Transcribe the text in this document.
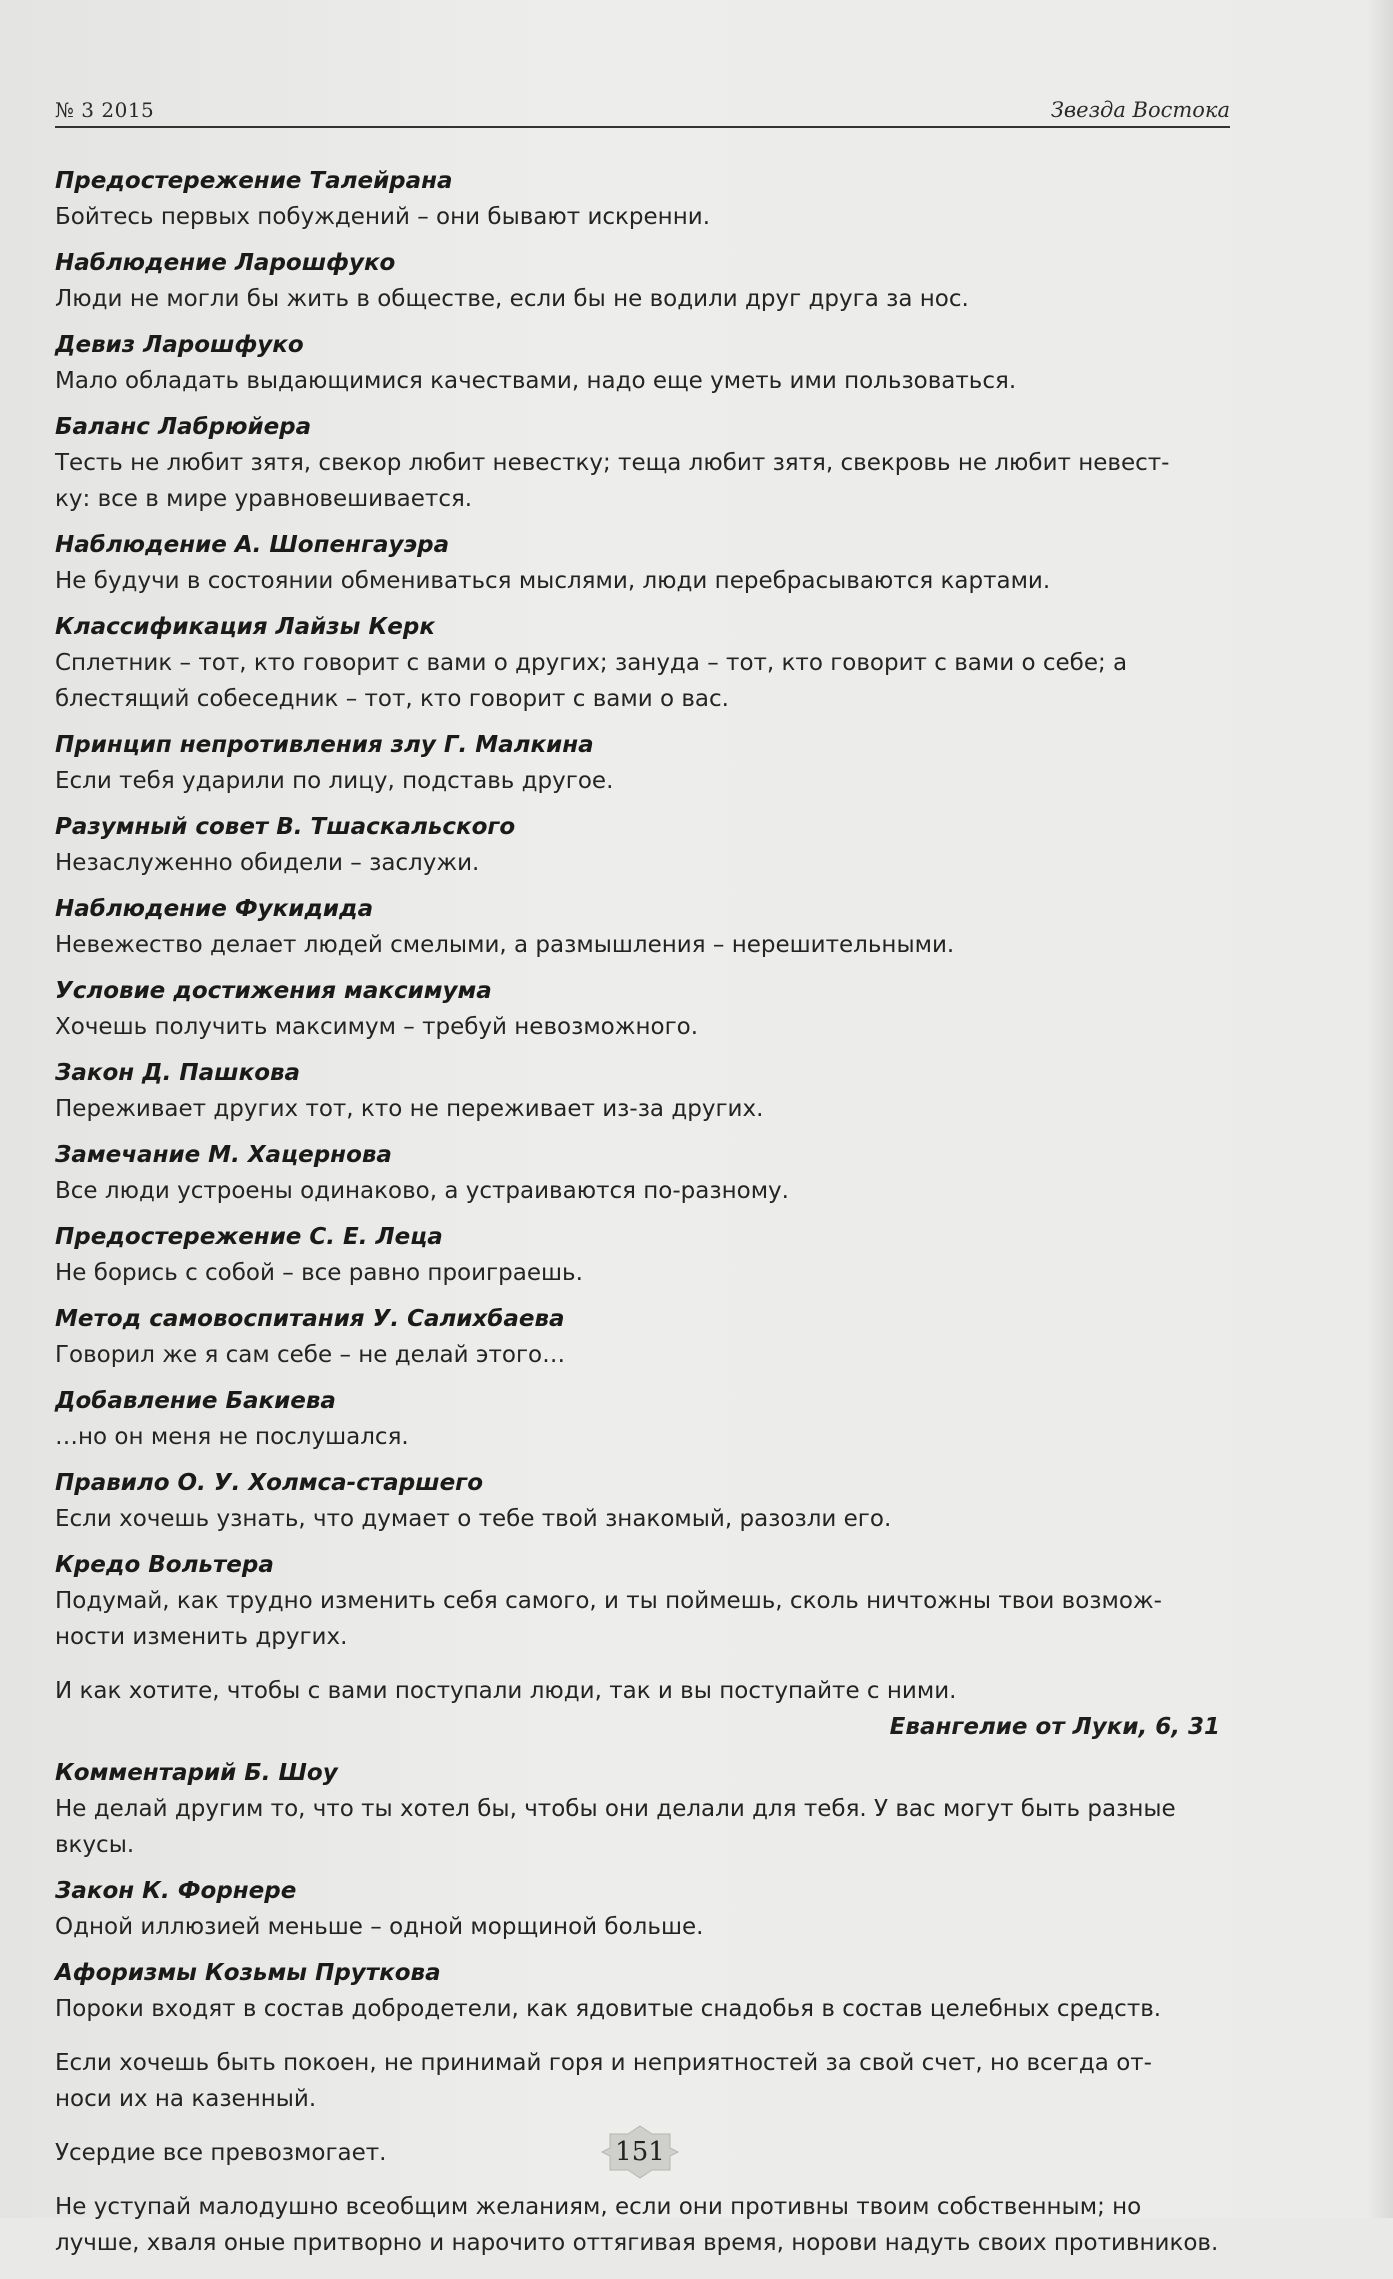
№ 3 2015	Звезда Востока
Предостережение Талейрана
Бойтесь первых побуждений – они бывают искренни.
Наблюдение Ларошфуко
Люди не могли бы жить в обществе, если бы не водили друг друга за нос.
Девиз Ларошфуко
Мало обладать выдающимися качествами, надо еще уметь ими пользоваться.
Баланс Лабрюйера
Тесть не любит зятя, свекор любит невестку; теща любит зятя, свекровь не любит невест-
ку: все в мире уравновешивается.
Наблюдение А. Шопенгауэра
Не будучи в состоянии обмениваться мыслями, люди перебрасываются картами.
Классификация Лайзы Керк
Сплетник – тот, кто говорит с вами о других; зануда – тот, кто говорит с вами о себе; а
блестящий собеседник – тот, кто говорит с вами о вас.
Принцип непротивления злу Г. Малкина
Если тебя ударили по лицу, подставь другое.
Разумный совет В. Тшаскальского
Незаслуженно обидели – заслужи.
Наблюдение Фукидида
Невежество делает людей смелыми, а размышления – нерешительными.
Условие достижения максимума
Хочешь получить максимум – требуй невозможного.
Закон Д. Пашкова
Переживает других тот, кто не переживает из-за других.
Замечание М. Хацернова
Все люди устроены одинаково, а устраиваются по-разному.
Предостережение С. Е. Леца
Не борись с собой – все равно проиграешь.
Метод самовоспитания У. Салихбаева
Говорил же я сам себе – не делай этого…
Добавление Бакиева
…но он меня не послушался.
Правило О. У. Холмса-старшего
Если хочешь узнать, что думает о тебе твой знакомый, разозли его.
Кредо Вольтера
Подумай, как трудно изменить себя самого, и ты поймешь, сколь ничтожны твои возмож-
ности изменить других.
И как хотите, чтобы с вами поступали люди, так и вы поступайте с ними.
Евангелие от Луки, 6, 31
Комментарий Б. Шоу
Не делай другим то, что ты хотел бы, чтобы они делали для тебя. У вас могут быть разные
вкусы.
Закон К. Форнере
Одной иллюзией меньше – одной морщиной больше.
Афоризмы Козьмы Пруткова
Пороки входят в состав добродетели, как ядовитые снадобья в состав целебных средств.
Если хочешь быть покоен, не принимай горя и неприятностей за свой счет, но всегда от-
носи их на казенный.
Усердие все превозмогает.
Не уступай малодушно всеобщим желаниям, если они противны твоим собственным; но
лучше, хваля оные притворно и нарочито оттягивая время, норови надуть своих противников.
151
